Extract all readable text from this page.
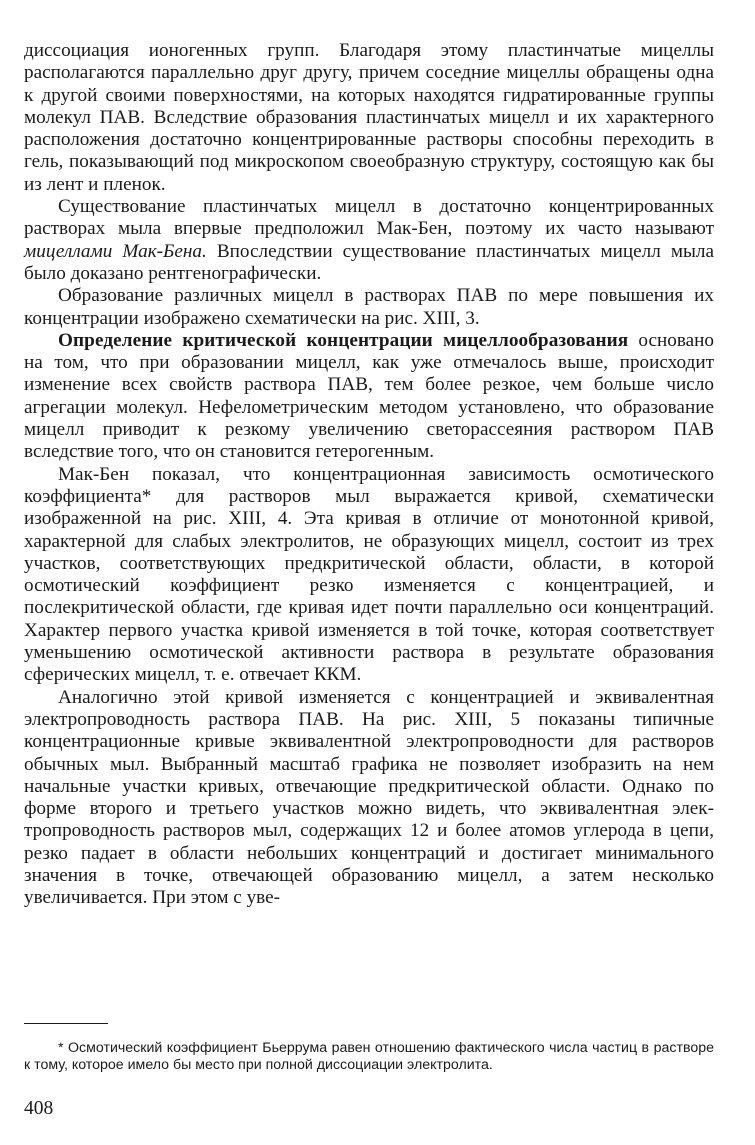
диссоциация ионогенных групп. Благодаря этому пластинчатые мицеллы располагаются параллельно друг другу, причем соседние мицеллы обращены одна к другой своими поверхностями, на которых находятся гидратированные группы молекул ПАВ. Вследствие образования пластинчатых мицелл и их характерного расположения достаточно концентрированные растворы способны переходить в гель, показывающий под микроскопом своеобразную структуру, состоящую как бы из лент и пленок.

Существование пластинчатых мицелл в достаточно концентрированных растворах мыла впервые предположил Мак-Бен, поэтому их часто называют мицеллами Мак-Бена. Впоследствии существование пластинчатых мицелл мыла было доказано рентгенографически.

Образование различных мицелл в растворах ПАВ по мере повышения их концентрации изображено схематически на рис. XIII, 3.

Определение критической концентрации мицеллообразования основано на том, что при образовании мицелл, как уже отмечалось выше, происходит изменение всех свойств раствора ПАВ, тем более резкое, чем больше число агрегации молекул. Нефелометрическим методом установлено, что образование мицелл приводит к резкому увеличению светорассеяния раствором ПАВ вследствие того, что он становится гетерогенным.

Мак-Бен показал, что концентрационная зависимость осмотического коэффициента* для растворов мыл выражается кривой, схематически изображенной на рис. XIII, 4. Эта кривая в отличие от монотонной кривой, характерной для слабых электролитов, не образующих мицелл, состоит из трех участков, соответствующих предкритической области, области, в которой осмотический коэффициент резко изменяется с концентрацией, и послекритической области, где кривая идет почти параллельно оси концентраций. Характер первого участка кривой изменяется в той точке, которая соответствует уменьшению осмотической активности раствора в результате образования сферических мицелл, т. е. отвечает ККМ.

Аналогично этой кривой изменяется с концентрацией и эквивалентная электропроводность раствора ПАВ. На рис. XIII, 5 показаны типичные концентрационные кривые эквивалентной электропроводности для растворов обычных мыл. Выбранный масштаб графика не позволяет изобразить на нем начальные участки кривых, отвечающие предкритической области. Однако по форме второго и третьего участков можно видеть, что эквивалентная электропроводность растворов мыл, содержащих 12 и более атомов углерода в цепи, резко падает в области небольших концентраций и достигает минимального значения в точке, отвечающей образованию мицелл, а затем несколько увеличивается. При этом с уве-

* Осмотический коэффициент Бьеррума равен отношению фактического числа частиц в растворе к тому, которое имело бы место при полной диссоциации электролита.

408
